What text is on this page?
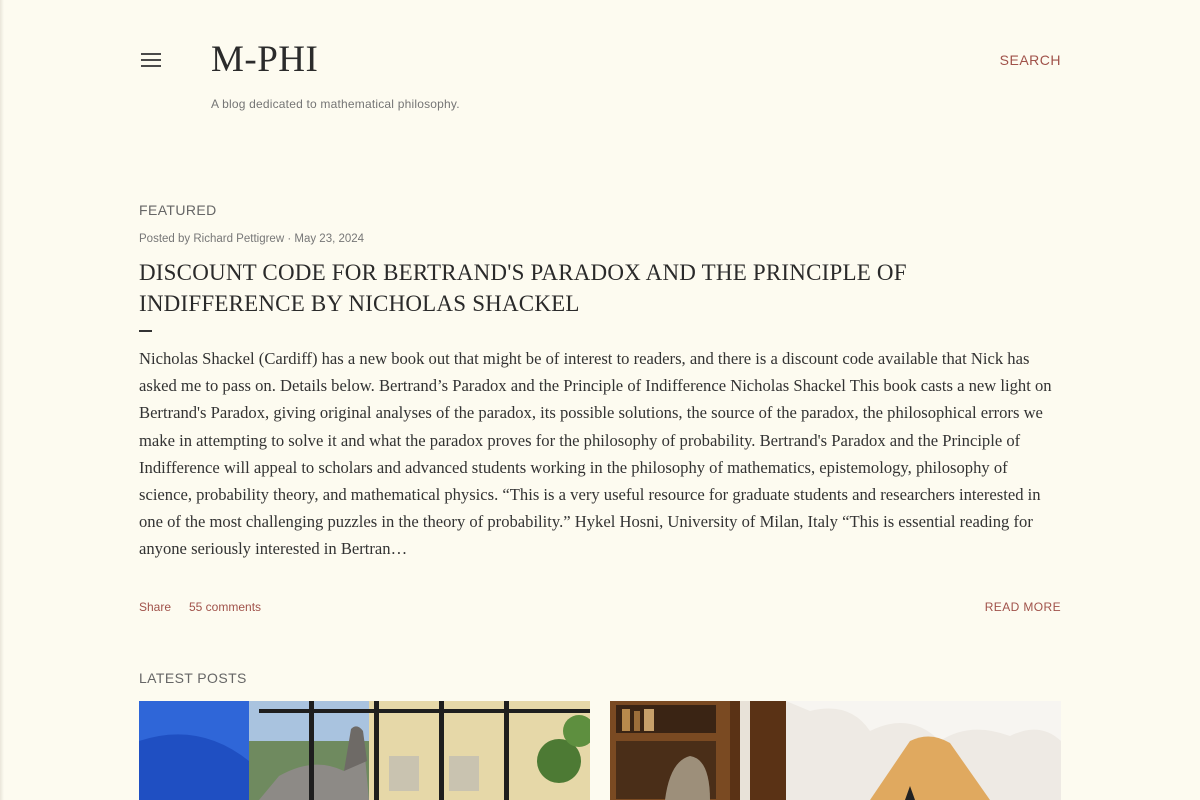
M-PHI
A blog dedicated to mathematical philosophy.
SEARCH
FEATURED
Posted by Richard Pettigrew · May 23, 2024
DISCOUNT CODE FOR BERTRAND'S PARADOX AND THE PRINCIPLE OF INDIFFERENCE BY NICHOLAS SHACKEL

Nicholas Shackel (Cardiff) has a new book out that might be of interest to readers, and there is a discount code available that Nick has asked me to pass on. Details below. Bertrand’s Paradox and the Principle of Indifference Nicholas Shackel This book casts a new light on Bertrand's Paradox, giving original analyses of the paradox, its possible solutions, the source of the paradox, the philosophical errors we make in attempting to solve it and what the paradox proves for the philosophy of probability. Bertrand's Paradox and the Principle of Indifference will appeal to scholars and advanced students working in the philosophy of mathematics, epistemology, philosophy of science, probability theory, and mathematical physics. “This is a very useful resource for graduate students and researchers interested in one of the most challenging puzzles in the theory of probability.” Hykel Hosni, University of Milan, Italy “This is essential reading for anyone seriously interested in Bertran…

Share 55 comments	READ MORE
LATEST POSTS
